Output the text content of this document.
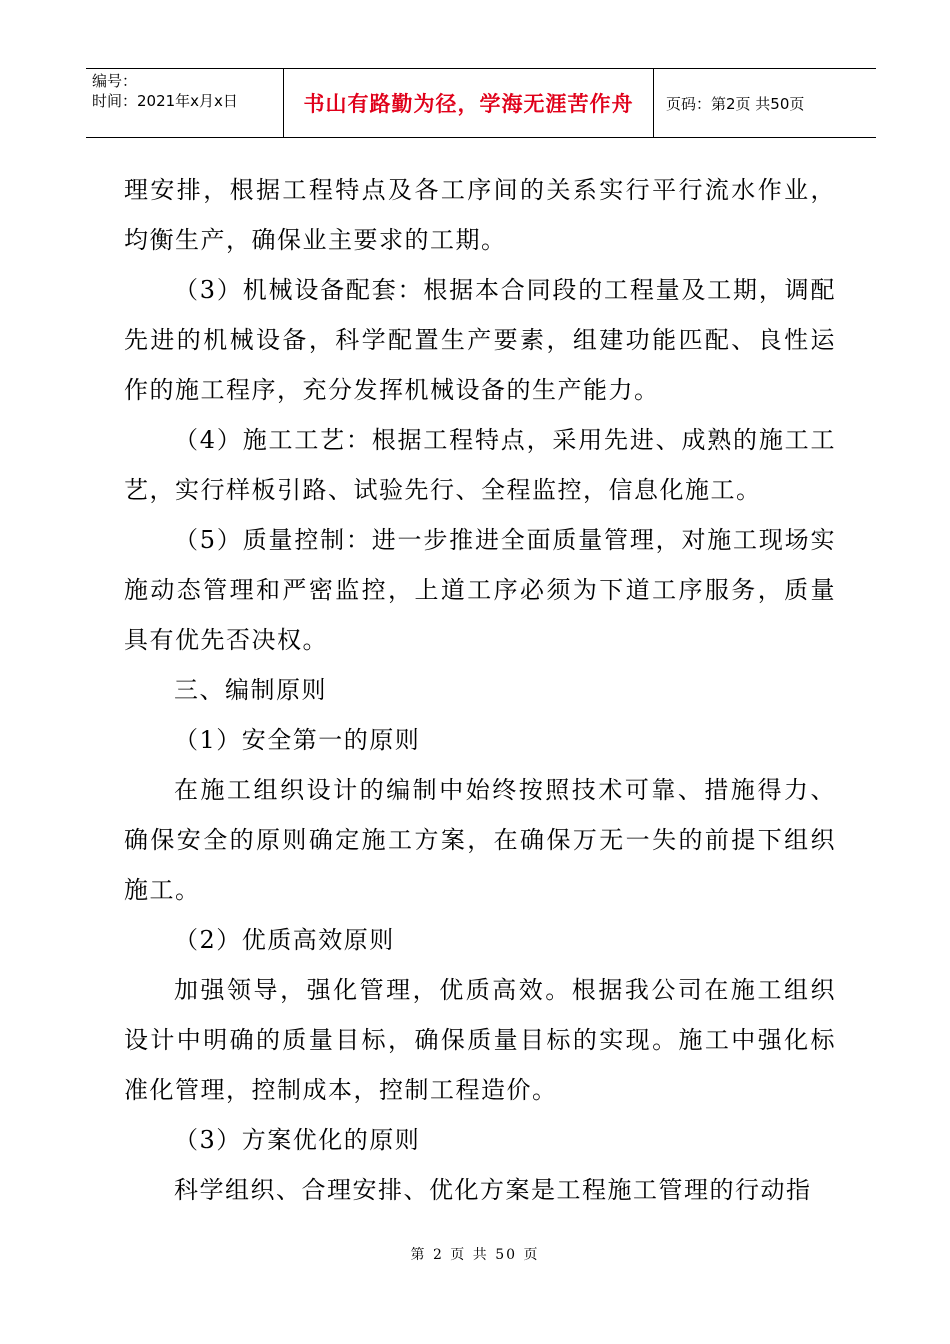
编号：
时间：2021年x月x日	书山有路勤为径，学海无涯苦作舟	页码：第2页 共50页

理安排，根据工程特点及各工序间的关系实行平行流水作业，均衡生产，确保业主要求的工期。

（3）机械设备配套：根据本合同段的工程量及工期，调配先进的机械设备，科学配置生产要素，组建功能匹配、良性运作的施工程序，充分发挥机械设备的生产能力。

（4）施工工艺：根据工程特点，采用先进、成熟的施工工艺，实行样板引路、试验先行、全程监控，信息化施工。

（5）质量控制：进一步推进全面质量管理，对施工现场实施动态管理和严密监控，上道工序必须为下道工序服务，质量具有优先否决权。

三、编制原则

（1）安全第一的原则

在施工组织设计的编制中始终按照技术可靠、措施得力、确保安全的原则确定施工方案，在确保万无一失的前提下组织施工。

（2）优质高效原则

加强领导，强化管理，优质高效。根据我公司在施工组织设计中明确的质量目标，确保质量目标的实现。施工中强化标准化管理，控制成本，控制工程造价。

（3）方案优化的原则

科学组织、合理安排、优化方案是工程施工管理的行动指

第 2 页 共 50 页
